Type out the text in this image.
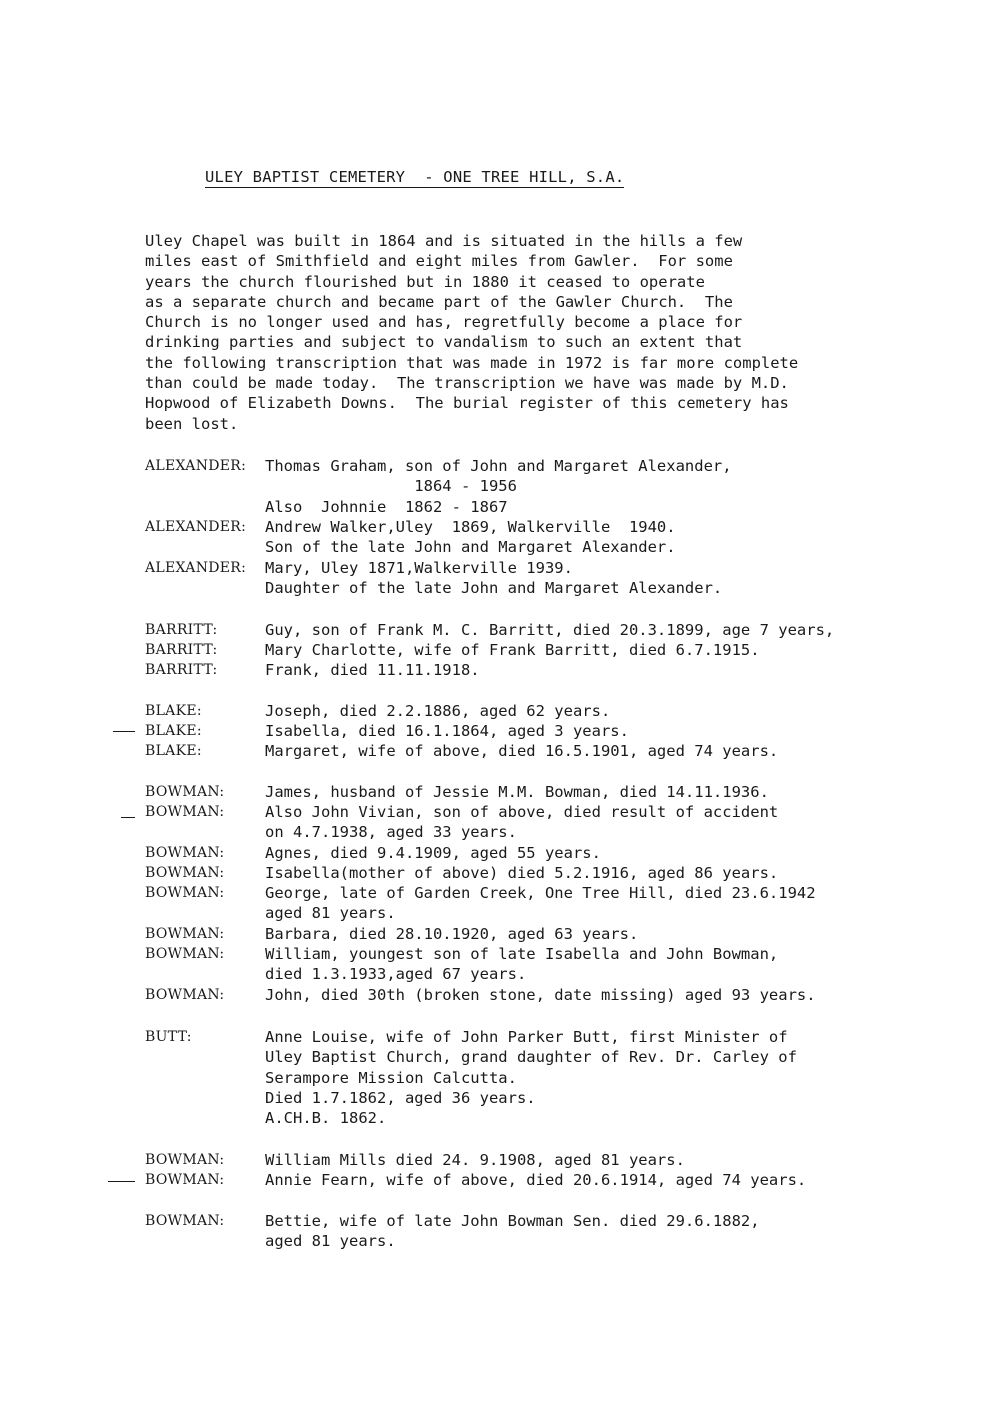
ULEY BAPTIST CEMETERY  - ONE TREE HILL, S.A.
Uley Chapel was built in 1864 and is situated in the hills a few
miles east of Smithfield and eight miles from Gawler.  For some
years the church flourished but in 1880 it ceased to operate
as a separate church and became part of the Gawler Church.  The
Church is no longer used and has, regretfully become a place for
drinking parties and subject to vandalism to such an extent that
the following transcription that was made in 1972 is far more complete
than could be made today.  The transcription we have was made by M.D.
Hopwood of Elizabeth Downs.  The burial register of this cemetery has
been lost.
ALEXANDER: Thomas Graham, son of John and Margaret Alexander,
1864 - 1956
Also  Johnnie  1862 - 1867
ALEXANDER: Andrew Walker,Uley  1869, Walkerville  1940.
Son of the late John and Margaret Alexander.
ALEXANDER: Mary, Uley 1871,Walkerville 1939.
Daughter of the late John and Margaret Alexander.
BARRITT:	Guy, son of Frank M. C. Barritt, died 20.3.1899, age 7 years,
BARRITT:	Mary Charlotte, wife of Frank Barritt, died 6.7.1915.
BARRITT:	Frank, died 11.11.1918.
BLAKE:	Joseph, died 2.2.1886, aged 62 years.
BLAKE:	Isabella, died 16.1.1864, aged 3 years.
BLAKE:	Margaret, wife of above, died 16.5.1901, aged 74 years.
BOWMAN:	James, husband of Jessie M.M. Bowman, died 14.11.1936.
BOWMAN:	Also John Vivian, son of above, died result of accident
on 4.7.1938, aged 33 years.
BOWMAN:	Agnes, died 9.4.1909, aged 55 years.
BOWMAN:	Isabella(mother of above) died 5.2.1916, aged 86 years.
BOWMAN:	George, late of Garden Creek, One Tree Hill, died 23.6.1942
aged 81 years.
BOWMAN:	Barbara, died 28.10.1920, aged 63 years.
BOWMAN:	William, youngest son of late Isabella and John Bowman,
died 1.3.1933,aged 67 years.
BOWMAN:	John, died 30th (broken stone, date missing) aged 93 years.
BUTT:	Anne Louise, wife of John Parker Butt, first Minister of
Uley Baptist Church, grand daughter of Rev. Dr. Carley of
Serampore Mission Calcutta.
Died 1.7.1862, aged 36 years.
A.CH.B. 1862.
BOWMAN:	William Mills died 24. 9.1908, aged 81 years.
BOWMAN:	Annie Fearn, wife of above, died 20.6.1914, aged 74 years.
BOWMAN:	Bettie, wife of late John Bowman Sen. died 29.6.1882,
aged 81 years.
